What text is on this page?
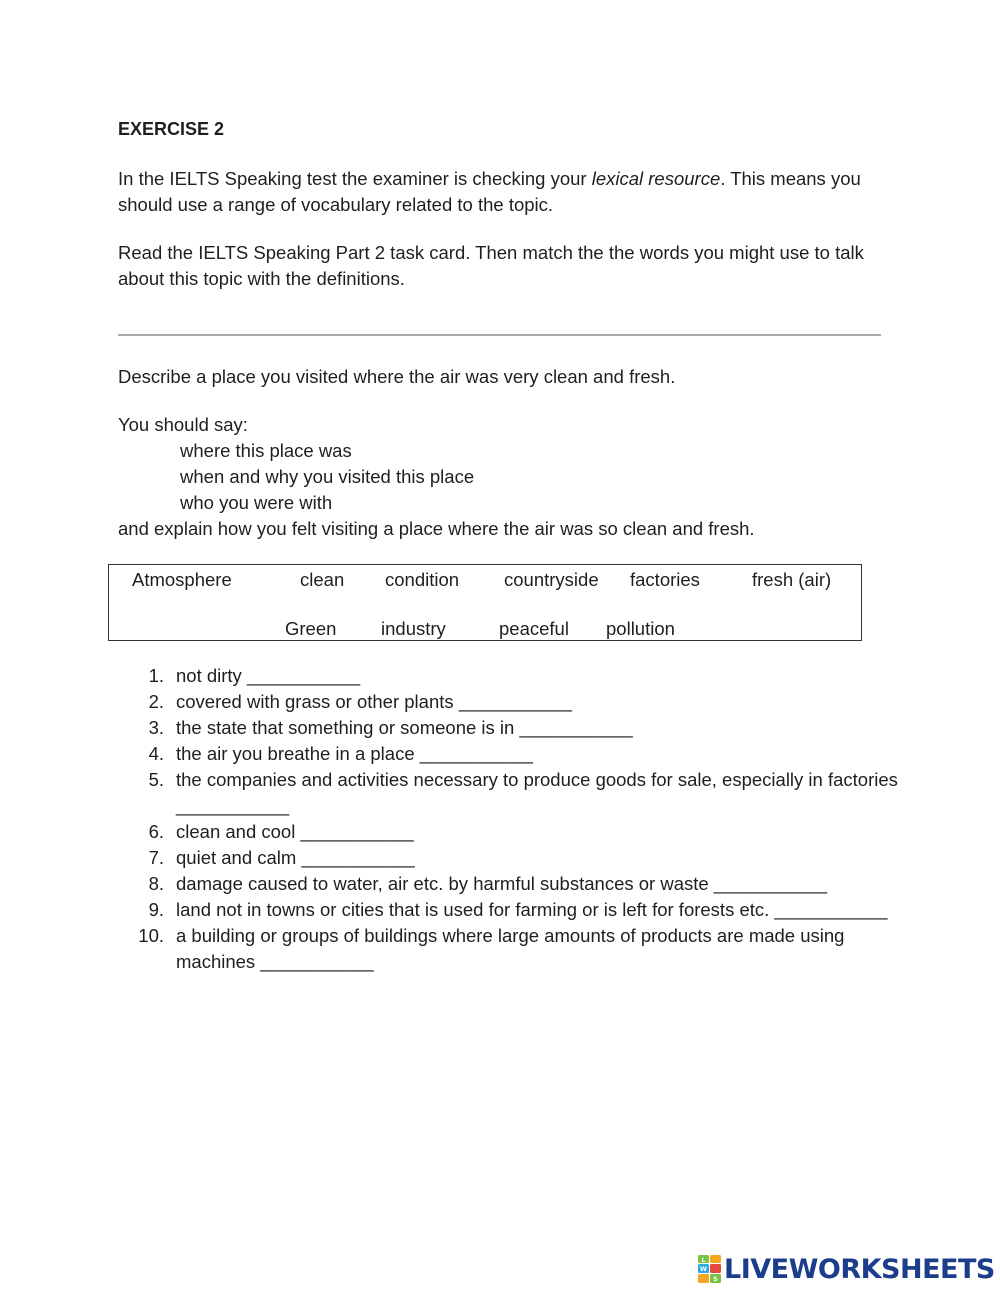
EXERCISE 2
In the IELTS Speaking test the examiner is checking your lexical resource. This means you should use a range of vocabulary related to the topic.
Read the IELTS Speaking Part 2 task card. Then match the the words you might use to talk about this topic with the definitions.
Describe a place you visited where the air was very clean and fresh.
You should say:
where this place was
when and why you visited this place
who you were with
and explain how you felt visiting a place where the air was so clean and fresh.
Atmosphere	clean condition countryside factories	fresh (air)
Green industry	peaceful pollution
1. not dirty ___________
2. covered with grass or other plants ___________
3. the state that something or someone is in ___________
4. the air you breathe in a place ___________
5. the companies and activities necessary to produce goods for sale, especially in factories ___________
6. clean and cool ___________
7. quiet and calm ___________
8. damage caused to water, air etc. by harmful substances or waste ___________
9. land not in towns or cities that is used for farming or is left for forests etc. ___________
10. a building or groups of buildings where large amounts of products are made using machines ___________
L
W
S LIVEWORKSHEETS
